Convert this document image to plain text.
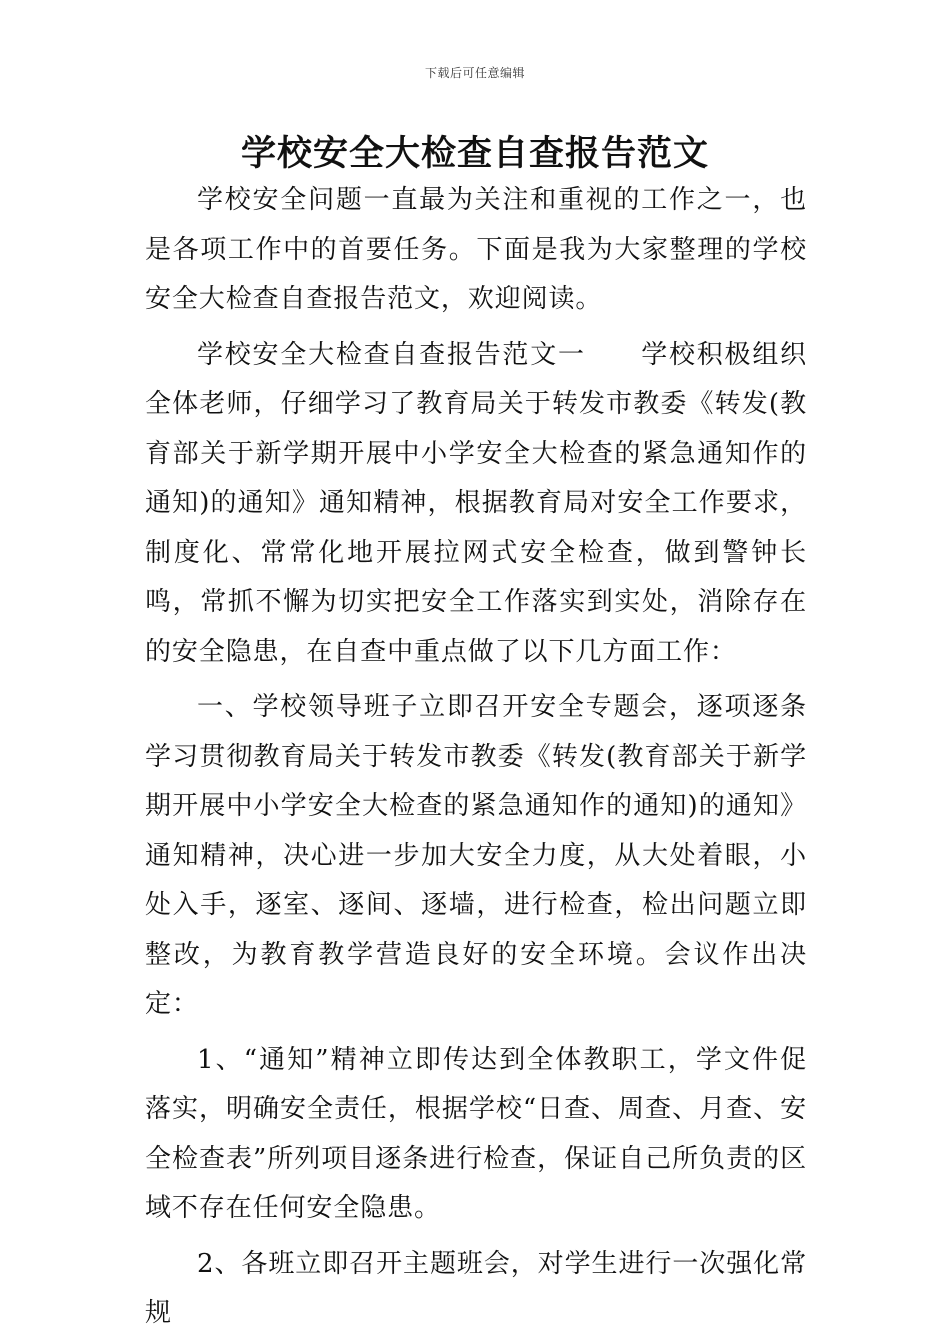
下载后可任意编辑
学校安全大检查自查报告范文

学校安全问题一直最为关注和重视的工作之一，也是各项工作中的首要任务。下面是我为大家整理的学校安全大检查自查报告范文，欢迎阅读。

学校安全大检查自查报告范文一　　学校积极组织全体老师，仔细学习了教育局关于转发市教委《转发(教育部关于新学期开展中小学安全大检查的紧急通知作的通知)的通知》通知精神，根据教育局对安全工作要求，制度化、常常化地开展拉网式安全检查，做到警钟长鸣，常抓不懈为切实把安全工作落实到实处，消除存在的安全隐患，在自查中重点做了以下几方面工作：

一、学校领导班子立即召开安全专题会，逐项逐条学习贯彻教育局关于转发市教委《转发(教育部关于新学期开展中小学安全大检查的紧急通知作的通知)的通知》通知精神，决心进一步加大安全力度，从大处着眼，小处入手，逐室、逐间、逐墙，进行检查，检出问题立即整改，为教育教学营造良好的安全环境。会议作出决定：

1、“通知”精神立即传达到全体教职工，学文件促落实，明确安全责任，根据学校“日查、周查、月查、安全检查表”所列项目逐条进行检查，保证自己所负责的区域不存在任何安全隐患。

2、各班立即召开主题班会，对学生进行一次强化常规
